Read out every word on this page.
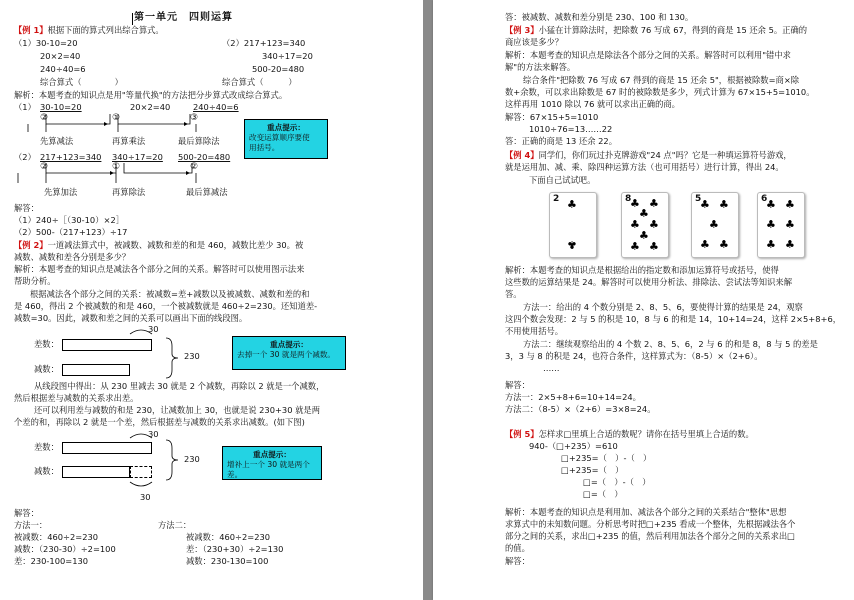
第一单元　四则运算
【例 1】根据下面的算式列出综合算式。
（1）30-10=20	（2）217+123=340
20×2=40	340÷17=20
240÷40=6	500-20=480
综合算式（　　　　）	综合算式（　　　）
解析：本题考查的知识点是用"等量代换"的方法把分步算式改成综合算式。
（1） 30-10=20	20×2=40	240÷40=6
②	①	③
先算减法	再算乘法	最后算除法
重点提示：
改变运算顺序要使
用括号。
（2） 217+123=340 340÷17=20 500-20=480
②	①	②
先算加法	再算除法	最后算减法
解答：
（1）240÷［（30-10）×2］
（2）500-（217+123）÷17
【例 2】一道减法算式中，被减数、减数和差的和是 460，减数比差少 30。被
减数、减数和差各分别是多少？
解析：本题考查的知识点是减法各个部分之间的关系。解答时可以使用图示法来
帮助分析。
根据减法各个部分之间的关系：被减数=差+减数以及被减数、减数和差的和
是 460，得出 2 个被减数的和是 460，一个被减数就是 460÷2=230。还知道差-
减数=30。因此，减数和差之间的关系可以画出下面的线段图。
差数：
减数：
230
30
重点提示：
去掉一个 30 就是两个减数。
从线段图中得出：从 230 里减去 30 就是 2 个减数，再除以 2 就是一个减数，
然后根据差与减数的关系求出差。
还可以利用差与减数的和是 230，让减数加上 30，也就是说 230+30 就是两
个差的和，再除以 2 就是一个差，然后根据差与减数的关系求出减数。(如下图)
30
差数：
减数：
230
30
重点提示：
增补上一个 30 就是两个差。
解答：
方法一：
被减数：460÷2=230
减数：（230-30）÷2=100
差：230-100=130
方法二：
被减数：460÷2=230
差：（230+30）÷2=130
减数：230-130=100
答：被减数、减数和差分别是 230、100 和 130。
【例 3】小猛在计算除法时，把除数 76 写成 67，得到的商是 15 还余 5。正确的
商应该是多少？
解析：本题考查的知识点是除法各个部分之间的关系。解答时可以利用"错中求
解"的方法来解答。
综合条件"把除数 76 写成 67 得到的商是 15 还余 5"，根据被除数=商×除
数+余数，可以求出除数是 67 时的被除数是多少，列式计算为 67×15+5=1010。
这样再用 1010 除以 76 就可以求出正确的商。
解答：67×15+5=1010
1010÷76=13……22
答：正确的商是 13 还余 22。
【例 4】同学们，你们玩过扑克牌游戏"24 点"吗？它是一种填运算符号游戏，
就是运用加、减、乘、除四种运算方法（也可用括号）进行计算，得出 24。
下面自己试试吧。
2 ♣
♣
8
♣ ♣
♣
♣ ♣
♣
♣ ♣
5
♣ ♣
♣
♣ ♣
6
♣ ♣
♣ ♣
♣ ♣
解析：本题考查的知识点是根据给出的指定数和添加运算符号或括号，使得
这些数的运算结果是 24。解答时可以使用分析法、排除法、尝试法等知识来解
答。
方法一：给出的 4 个数分别是 2、8、5、6，要使得计算的结果是 24，观察
这四个数会发现：2 与 5 的积是 10，8 与 6 的和是 14，10+14=24，这样 2×5+8+6，
不用使用括号。
方法二：继续观察给出的 4 个数 2、8、5、6，2 与 6 的和是 8，8 与 5 的差是
3，3 与 8 的积是 24，也符合条件，这样算式为：（8-5）×（2+6）。
……
解答：
方法一：2×5+8+6=10+14=24。
方法二：（8-5）×（2+6）=3×8=24。
【例 5】怎样求□里填上合适的数呢？请你在括号里填上合适的数。
940-（□+235）=610
□+235=（　）-（　）
□+235=（　）
□=（　）-（　）
□=（　）
解析：本题考查的知识点是利用加、减法各个部分之间的关系结合"整体"思想
求算式中的未知数问题。分析思考时把□+235 看成一个整体，先根据减法各个
部分之间的关系，求出□+235 的值，然后利用加法各个部分之间的关系求出□
的值。
解答：
